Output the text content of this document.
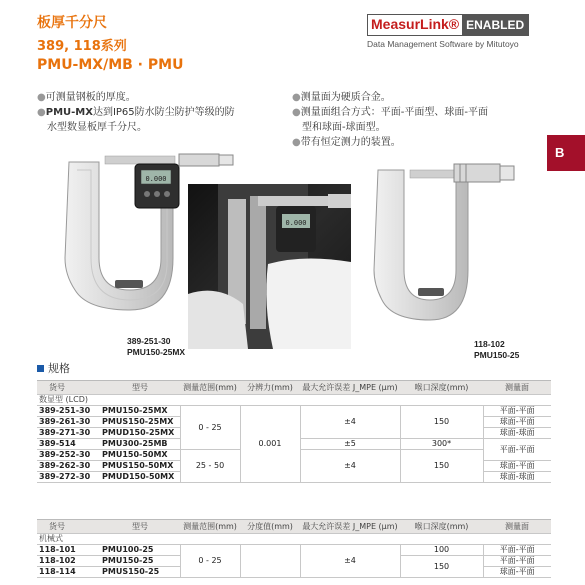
板厚千分尺
389, 118系列
PMU-MX/MB · PMU
MeasurLink® ENABLED
Data Management Software by Mitutoyo
●可测量钢板的厚度。
●PMU-MX达到IP65防水防尘防护等级的防
水型数显板厚千分尺。
●测量面为硬质合金。
●测量面组合方式：平面-平面型、球面-平面
型和球面-球面型。
●带有恒定测力的装置。
B
0.000
0.000
389-251-30
PMU150-25MX
118-102
PMU150-25
规格
货号	型号	测量范围(mm)	分辨力(mm)	最大允许误差 J_MPE (μm)	喉口深度(mm)	测量面
数显型 (LCD)						
389-251-30	PMU150-25MX	0 - 25	0.001	±4	150	平面-平面
389-261-30	PMUS150-25MX					球面-平面
389-271-30	PMUD150-25MX					球面-球面
389-514	PMU300-25MB			±5	300*	平面-平面
389-252-30	PMU150-50MX	25 - 50		±4	150	
389-262-30	PMUS150-50MX					球面-平面
389-272-30	PMUD150-50MX					球面-球面
货号	型号	测量范围(mm)	分度值(mm)	最大允许误差 J_MPE (μm)	喉口深度(mm)	测量面
机械式						
118-101	PMU100-25	0 - 25		±4	100	平面-平面
118-102	PMU150-25				150	平面-平面
118-114	PMUS150-25					球面-平面
